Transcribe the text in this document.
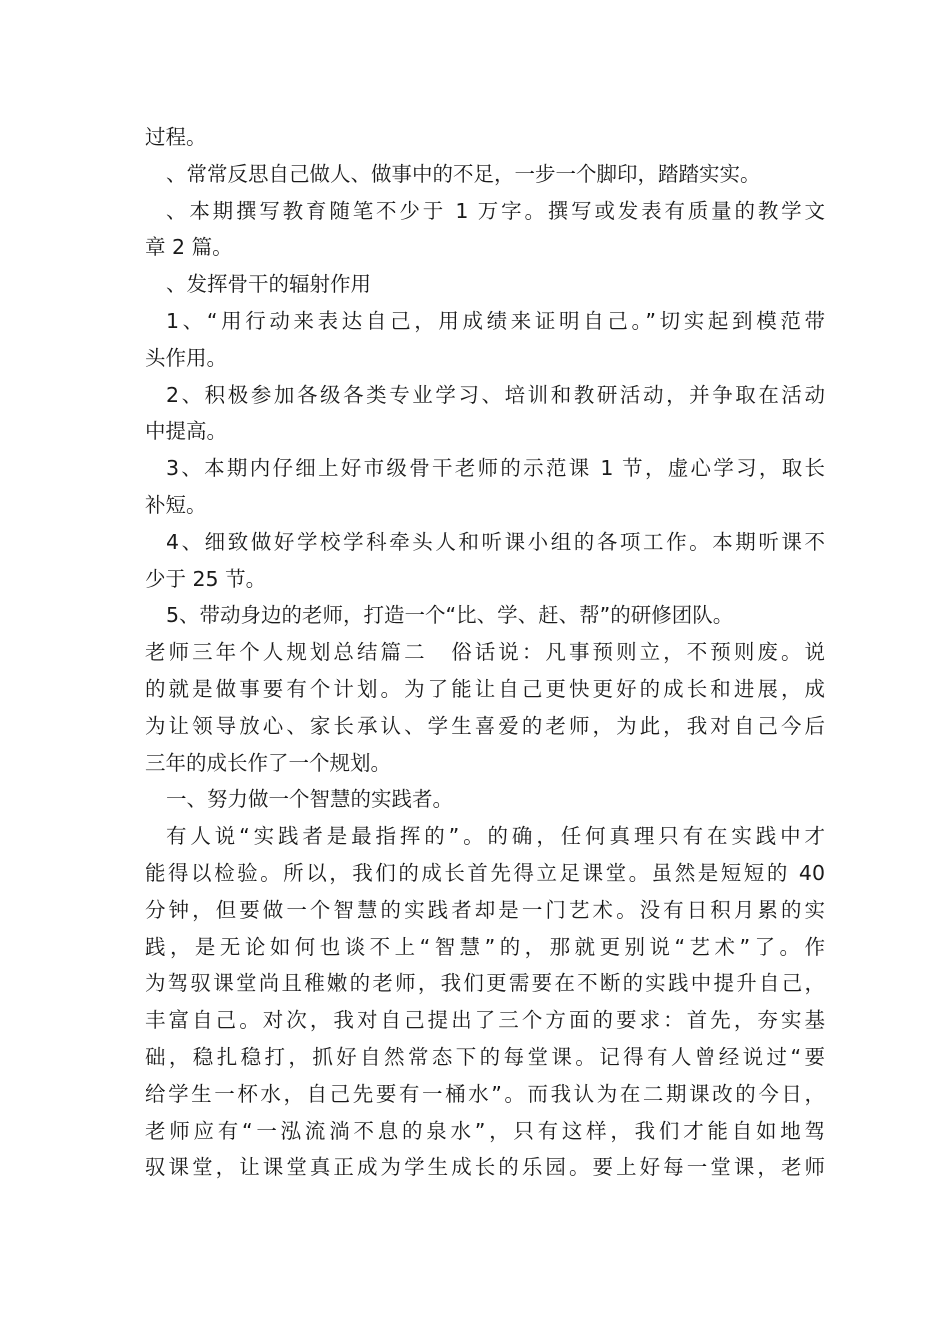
过程。
、常常反思自己做人、做事中的不足，一步一个脚印，踏踏实实。
、本期撰写教育随笔不少于 1 万字。撰写或发表有质量的教学文
章 2 篇。
、发挥骨干的辐射作用
1、“用行动来表达自己，用成绩来证明自己。”切实起到模范带
头作用。
2、积极参加各级各类专业学习、培训和教研活动，并争取在活动
中提高。
3、本期内仔细上好市级骨干老师的示范课 1 节，虚心学习，取长
补短。
4、细致做好学校学科牵头人和听课小组的各项工作。本期听课不
少于 25 节。
5、带动身边的老师，打造一个“比、学、赶、帮”的研修团队。
老师三年个人规划总结篇二　俗话说：凡事预则立，不预则废。说
的就是做事要有个计划。为了能让自己更快更好的成长和进展，成
为让领导放心、家长承认、学生喜爱的老师，为此，我对自己今后
三年的成长作了一个规划。
一、努力做一个智慧的实践者。
有人说“实践者是最指挥的”。的确，任何真理只有在实践中才
能得以检验。所以，我们的成长首先得立足课堂。虽然是短短的 40
分钟，但要做一个智慧的实践者却是一门艺术。没有日积月累的实
践，是无论如何也谈不上“智慧”的，那就更别说“艺术”了。作
为驾驭课堂尚且稚嫩的老师，我们更需要在不断的实践中提升自己，
丰富自己。对次，我对自己提出了三个方面的要求：首先，夯实基
础，稳扎稳打，抓好自然常态下的每堂课。记得有人曾经说过“要
给学生一杯水，自己先要有一桶水”。而我认为在二期课改的今日，
老师应有“一泓流淌不息的泉水”，只有这样，我们才能自如地驾
驭课堂，让课堂真正成为学生成长的乐园。要上好每一堂课，老师
